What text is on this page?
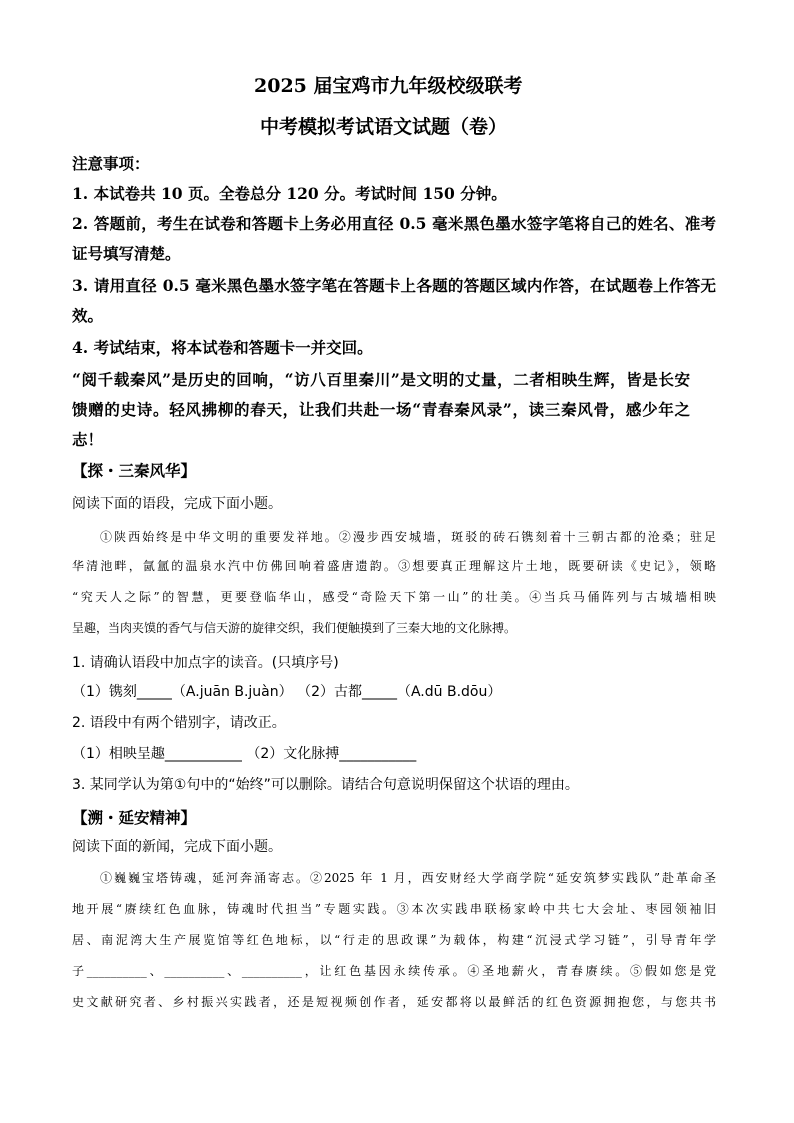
2025 届宝鸡市九年级校级联考
中考模拟考试语文试题（卷）
注意事项：
1. 本试卷共 10 页。全卷总分 120 分。考试时间 150 分钟。
2. 答题前，考生在试卷和答题卡上务必用直径 0.5 毫米黑色墨水签字笔将自己的姓名、准考
证号填写清楚。
3. 请用直径 0.5 毫米黑色墨水签字笔在答题卡上各题的答题区域内作答，在试题卷上作答无
效。
4. 考试结束，将本试卷和答题卡一并交回。
“阅千载秦风”是历史的回响，“访八百里秦川”是文明的丈量，二者相映生辉，皆是长安
馈赠的史诗。轻风拂柳的春天，让我们共赴一场“青春秦风录”，读三秦风骨，感少年之
志！
【探・三秦风华】
阅读下面的语段，完成下面小题。
①陕西始终是中华文明的重要发祥地。②漫步西安城墙，斑驳的砖石镌刻着十三朝古都的沧桑；驻足
华清池畔，氤氲的温泉水汽中仿佛回响着盛唐遗韵。③想要真正理解这片土地，既要研读《史记》，领略
“究天人之际”的智慧，更要登临华山，感受“奇险天下第一山”的壮美。④当兵马俑阵列与古城墙相映
呈趣，当肉夹馍的香气与信天游的旋律交织，我们便触摸到了三秦大地的文化脉搏。
1. 请确认语段中加点字的读音。(只填序号)
（1）镌刻_____（A.juān B.juàn） （2）古都_____（A.dū B.dōu）
2. 语段中有两个错别字，请改正。
（1）相映呈趣___________ （2）文化脉搏___________
3. 某同学认为第①句中的“始终”可以删除。请结合句意说明保留这个状语的理由。
【溯・延安精神】
阅读下面的新闻，完成下面小题。
①巍巍宝塔铸魂，延河奔涌寄志。②2025 年 1 月，西安财经大学商学院“延安筑梦实践队”赴革命圣
地开展“赓续红色血脉，铸魂时代担当”专题实践。③本次实践串联杨家岭中共七大会址、枣园领袖旧
居、南泥湾大生产展览馆等红色地标，以“行走的思政课”为载体，构建“沉浸式学习链”，引导青年学
子__________、__________、__________，让红色基因永续传承。④圣地薪火，青春赓续。⑤假如您是党
史文献研究者、乡村振兴实践者，还是短视频创作者，延安都将以最鲜活的红色资源拥抱您，与您共书
